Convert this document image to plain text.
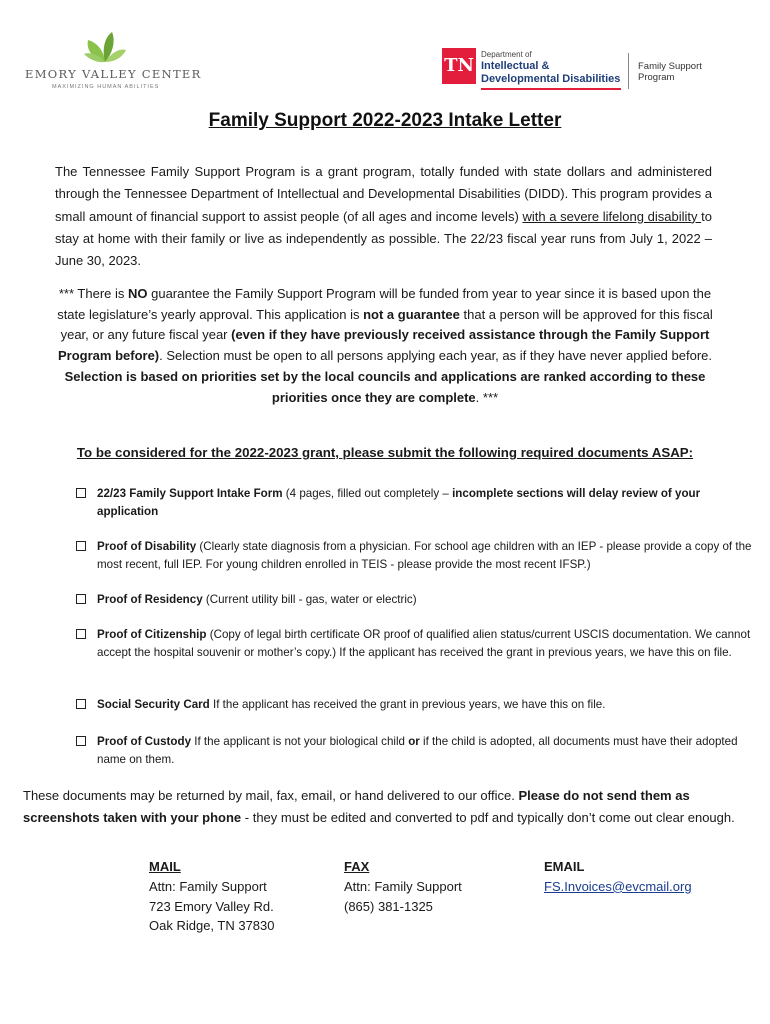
EMORY VALLEY CENTER
MAXIMIZING HUMAN ABILITIES
TN
Department of
Intellectual &
Developmental Disabilities
Family Support
Program
Family Support 2022-2023 Intake Letter
The Tennessee Family Support Program is a grant program, totally funded with state dollars and administered through the Tennessee Department of Intellectual and Developmental Disabilities (DIDD). This program provides a small amount of financial support to assist people (of all ages and income levels) with a severe lifelong disability to stay at home with their family or live as independently as possible. The 22/23 fiscal year runs from July 1, 2022 – June 30, 2023.
*** There is NO guarantee the Family Support Program will be funded from year to year since it is based upon the state legislature’s yearly approval. This application is not a guarantee that a person will be approved for this fiscal year, or any future fiscal year (even if they have previously received assistance through the Family Support Program before). Selection must be open to all persons applying each year, as if they have never applied before. Selection is based on priorities set by the local councils and applications are ranked according to these priorities once they are complete. ***
To be considered for the 2022-2023 grant, please submit the following required documents ASAP:
22/23 Family Support Intake Form (4 pages, filled out completely – incomplete sections will delay review of your application
Proof of Disability (Clearly state diagnosis from a physician. For school age children with an IEP - please provide a copy of the most recent, full IEP. For young children enrolled in TEIS - please provide the most recent IFSP.)
Proof of Residency (Current utility bill - gas, water or electric)
Proof of Citizenship (Copy of legal birth certificate OR proof of qualified alien status/current USCIS documentation. We cannot accept the hospital souvenir or mother’s copy.) If the applicant has received the grant in previous years, we have this on file.
Social Security Card If the applicant has received the grant in previous years, we have this on file.
Proof of Custody If the applicant is not your biological child or if the child is adopted, all documents must have their adopted name on them.
These documents may be returned by mail, fax, email, or hand delivered to our office. Please do not send them as screenshots taken with your phone - they must be edited and converted to pdf and typically don’t come out clear enough.
MAIL
Attn: Family Support
723 Emory Valley Rd.
Oak Ridge, TN 37830
FAX
Attn: Family Support
(865) 381-1325
EMAIL
FS.Invoices@evcmail.org
